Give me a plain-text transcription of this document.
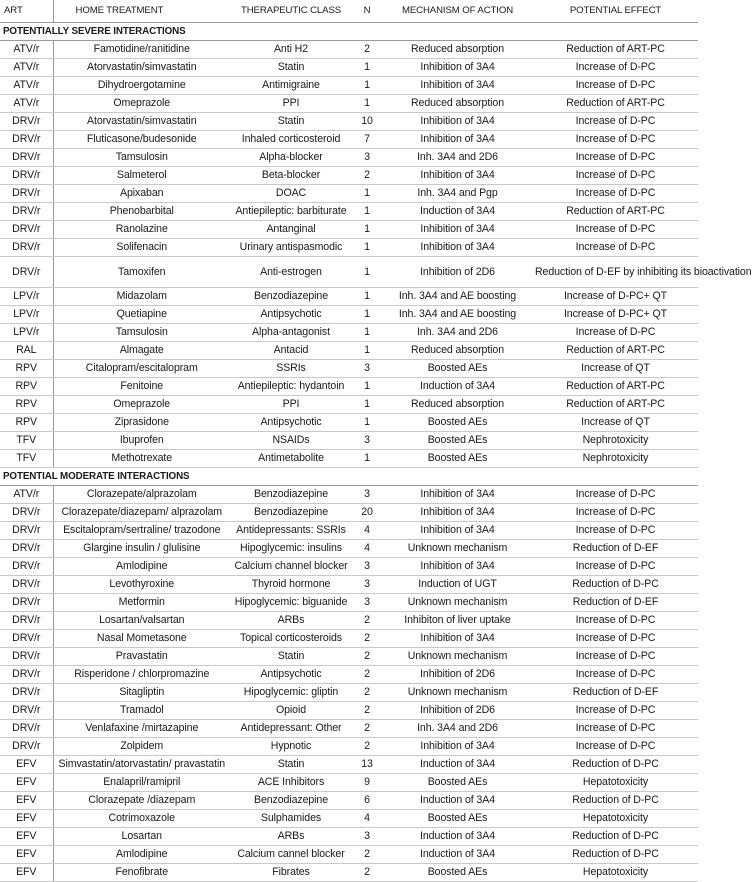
ART	HOME TREATMENT	THERAPEUTIC CLASS	N	MECHANISM OF ACTION	POTENTIAL EFFECT
POTENTIALLY SEVERE INTERACTIONS					
ATV/r	Famotidine/ranitidine	Anti H2	2	Reduced absorption	Reduction of ART-PC
ATV/r	Atorvastatin/simvastatin	Statin	1	Inhibition of 3A4	Increase of D-PC
ATV/r	Dihydroergotamine	Antimigraine	1	Inhibition of 3A4	Increase of D-PC
ATV/r	Omeprazole	PPI	1	Reduced absorption	Reduction of ART-PC
DRV/r	Atorvastatin/simvastatin	Statin	10	Inhibition of 3A4	Increase of D-PC
DRV/r	Fluticasone/budesonide	Inhaled corticosteroid	7	Inhibition of 3A4	Increase of D-PC
DRV/r	Tamsulosin	Alpha-blocker	3	Inh. 3A4 and 2D6	Increase of D-PC
DRV/r	Salmeterol	Beta-blocker	2	Inhibition of 3A4	Increase of D-PC
DRV/r	Apixaban	DOAC	1	Inh. 3A4 and Pgp	Increase of D-PC
DRV/r	Phenobarbital	Antiepileptic: barbiturate	1	Induction of 3A4	Reduction of ART-PC
DRV/r	Ranolazine	Antanginal	1	Inhibition of 3A4	Increase of D-PC
DRV/r	Solifenacin	Urinary antispasmodic	1	Inhibition of 3A4	Increase of D-PC
DRV/r	Tamoxifen	Anti-estrogen	1	Inhibition of 2D6	Reduction of D-EF by inhibiting its bioactivation
LPV/r	Midazolam	Benzodiazepine	1	Inh. 3A4 and AE boosting	Increase of D-PC+ QT
LPV/r	Quetiapine	Antipsychotic	1	Inh. 3A4 and AE boosting	Increase of D-PC+ QT
LPV/r	Tamsulosin	Alpha-antagonist	1	Inh. 3A4 and 2D6	Increase of D-PC
RAL	Almagate	Antacid	1	Reduced absorption	Reduction of ART-PC
RPV	Citalopram/escitalopram	SSRIs	3	Boosted AEs	Increase of QT
RPV	Fenitoine	Antiepileptic: hydantoin	1	Induction of 3A4	Reduction of ART-PC
RPV	Omeprazole	PPI	1	Reduced absorption	Reduction of ART-PC
RPV	Ziprasidone	Antipsychotic	1	Boosted AEs	Increase of QT
TFV	Ibuprofen	NSAIDs	3	Boosted AEs	Nephrotoxicity
TFV	Methotrexate	Antimetabolite	1	Boosted AEs	Nephrotoxicity
POTENTIAL MODERATE INTERACTIONS					
ATV/r	Clorazepate/alprazolam	Benzodiazepine	3	Inhibition of 3A4	Increase of D-PC
DRV/r	Clorazepate/diazepam/ alprazolam	Benzodiazepine	20	Inhibition of 3A4	Increase of D-PC
DRV/r	Escitalopram/sertraline/ trazodone	Antidepressants: SSRIs	4	Inhibition of 3A4	Increase of D-PC
DRV/r	Glargine insulin / glulisine	Hipoglycemic: insulins	4	Unknown mechanism	Reduction of D-EF
DRV/r	Amlodipine	Calcium channel blocker	3	Inhibition of 3A4	Increase of D-PC
DRV/r	Levothyroxine	Thyroid hormone	3	Induction of UGT	Reduction of D-PC
DRV/r	Metformin	Hipoglycemic: biguanide	3	Unknown mechanism	Reduction of D-EF
DRV/r	Losartan/valsartan	ARBs	2	Inhibiton of liver uptake	Increase of D-PC
DRV/r	Nasal Mometasone	Topical corticosteroids	2	Inhibition of 3A4	Increase of D-PC
DRV/r	Pravastatin	Statin	2	Unknown mechanism	Increase of D-PC
DRV/r	Risperidone / chlorpromazine	Antipsychotic	2	Inhibition of 2D6	Increase of D-PC
DRV/r	Sitagliptin	Hipoglycemic: gliptin	2	Unknown mechanism	Reduction of D-EF
DRV/r	Tramadol	Opioid	2	Inhibition of 2D6	Increase of D-PC
DRV/r	Venlafaxine /mirtazapine	Antidepressant: Other	2	Inh. 3A4 and 2D6	Increase of D-PC
DRV/r	Zolpidem	Hypnotic	2	Inhibition of 3A4	Increase of D-PC
EFV	Simvastatin/atorvastatin/ pravastatin	Statin	13	Induction of 3A4	Reduction of D-PC
EFV	Enalapril/ramipril	ACE Inhibitors	9	Boosted AEs	Hepatotoxicity
EFV	Clorazepate /diazepam	Benzodiazepine	6	Induction of 3A4	Reduction of D-PC
EFV	Cotrimoxazole	Sulphamides	4	Boosted AEs	Hepatotoxicity
EFV	Losartan	ARBs	3	Induction of 3A4	Reduction of D-PC
EFV	Amlodipine	Calcium cannel blocker	2	Induction of 3A4	Reduction of D-PC
EFV	Fenofibrate	Fibrates	2	Boosted AEs	Hepatotoxicity
